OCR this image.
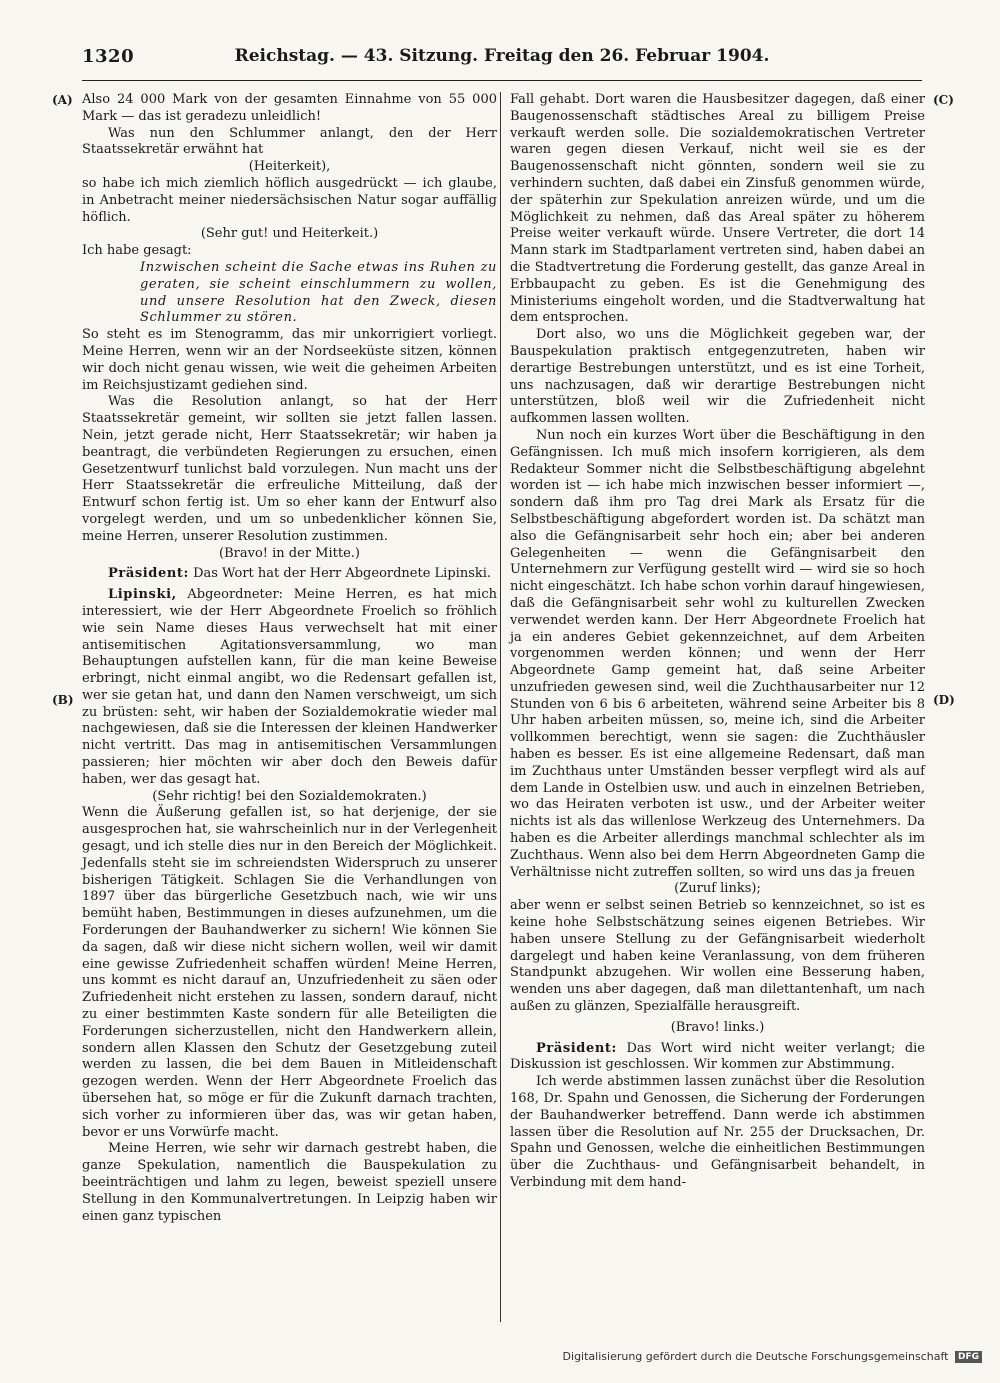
1320	Reichstag. — 43. Sitzung. Freitag den 26. Februar 1904.
(A)
(B)
(C)
(D)

Also 24 000 Mark von der gesamten Einnahme von 55 000 Mark — das ist geradezu unleidlich!

Was nun den Schlummer anlangt, den der Herr Staatssekretär erwähnt hat

(Heiterkeit),

so habe ich mich ziemlich höflich ausgedrückt — ich glaube, in Anbetracht meiner niedersächsischen Natur sogar auffällig höflich.

(Sehr gut! und Heiterkeit.)

Ich habe gesagt:

Inzwischen scheint die Sache etwas ins Ruhen zu geraten, sie scheint einschlummern zu wollen, und unsere Resolution hat den Zweck, diesen Schlummer zu stören.

So steht es im Stenogramm, das mir unkorrigiert vorliegt. Meine Herren, wenn wir an der Nordseeküste sitzen, können wir doch nicht genau wissen, wie weit die geheimen Arbeiten im Reichsjustizamt gediehen sind.

Was die Resolution anlangt, so hat der Herr Staatssekretär gemeint, wir sollten sie jetzt fallen lassen. Nein, jetzt gerade nicht, Herr Staatssekretär; wir haben ja beantragt, die verbündeten Regierungen zu ersuchen, einen Gesetzentwurf tunlichst bald vorzulegen. Nun macht uns der Herr Staatssekretär die erfreuliche Mitteilung, daß der Entwurf schon fertig ist. Um so eher kann der Entwurf also vorgelegt werden, und um so unbedenklicher können Sie, meine Herren, unserer Resolution zustimmen.

(Bravo! in der Mitte.)

Präsident: Das Wort hat der Herr Abgeordnete Lipinski.

Lipinski, Abgeordneter: Meine Herren, es hat mich interessiert, wie der Herr Abgeordnete Froelich so fröhlich wie sein Name dieses Haus verwechselt hat mit einer antisemitischen Agitationsversammlung, wo man Behauptungen aufstellen kann, für die man keine Beweise erbringt, nicht einmal angibt, wo die Redensart gefallen ist, wer sie getan hat, und dann den Namen verschweigt, um sich zu brüsten: seht, wir haben der Sozialdemokratie wieder mal nachgewiesen, daß sie die Interessen der kleinen Handwerker nicht vertritt. Das mag in antisemitischen Versammlungen passieren; hier möchten wir aber doch den Beweis dafür haben, wer das gesagt hat.

(Sehr richtig! bei den Sozialdemokraten.)

Wenn die Äußerung gefallen ist, so hat derjenige, der sie ausgesprochen hat, sie wahrscheinlich nur in der Verlegenheit gesagt, und ich stelle dies nur in den Bereich der Möglichkeit. Jedenfalls steht sie im schreiendsten Widerspruch zu unserer bisherigen Tätigkeit. Schlagen Sie die Verhandlungen von 1897 über das bürgerliche Gesetzbuch nach, wie wir uns bemüht haben, Bestimmungen in dieses aufzunehmen, um die Forderungen der Bauhandwerker zu sichern! Wie können Sie da sagen, daß wir diese nicht sichern wollen, weil wir damit eine gewisse Zufriedenheit schaffen würden! Meine Herren, uns kommt es nicht darauf an, Unzufriedenheit zu säen oder Zufriedenheit nicht erstehen zu lassen, sondern darauf, nicht zu einer bestimmten Kaste sondern für alle Beteiligten die Forderungen sicherzustellen, nicht den Handwerkern allein, sondern allen Klassen den Schutz der Gesetzgebung zuteil werden zu lassen, die bei dem Bauen in Mitleidenschaft gezogen werden. Wenn der Herr Abgeordnete Froelich das übersehen hat, so möge er für die Zukunft darnach trachten, sich vorher zu informieren über das, was wir getan haben, bevor er uns Vorwürfe macht.

Meine Herren, wie sehr wir darnach gestrebt haben, die ganze Spekulation, namentlich die Bauspekulation zu beeinträchtigen und lahm zu legen, beweist speziell unsere Stellung in den Kommunalvertretungen. In Leipzig haben wir einen ganz typischen

Fall gehabt. Dort waren die Hausbesitzer dagegen, daß einer Baugenossenschaft städtisches Areal zu billigem Preise verkauft werden solle. Die sozialdemokratischen Vertreter waren gegen diesen Verkauf, nicht weil sie es der Baugenossenschaft nicht gönnten, sondern weil sie zu verhindern suchten, daß dabei ein Zinsfuß genommen würde, der späterhin zur Spekulation anreizen würde, und um die Möglichkeit zu nehmen, daß das Areal später zu höherem Preise weiter verkauft würde. Unsere Vertreter, die dort 14 Mann stark im Stadtparlament vertreten sind, haben dabei an die Stadtvertretung die Forderung gestellt, das ganze Areal in Erbbaupacht zu geben. Es ist die Genehmigung des Ministeriums eingeholt worden, und die Stadtverwaltung hat dem entsprochen.

Dort also, wo uns die Möglichkeit gegeben war, der Bauspekulation praktisch entgegenzutreten, haben wir derartige Bestrebungen unterstützt, und es ist eine Torheit, uns nachzusagen, daß wir derartige Bestrebungen nicht unterstützen, bloß weil wir die Zufriedenheit nicht aufkommen lassen wollten.

Nun noch ein kurzes Wort über die Beschäftigung in den Gefängnissen. Ich muß mich insofern korrigieren, als dem Redakteur Sommer nicht die Selbstbeschäftigung abgelehnt worden ist — ich habe mich inzwischen besser informiert —, sondern daß ihm pro Tag drei Mark als Ersatz für die Selbstbeschäftigung abgefordert worden ist. Da schätzt man also die Gefängnisarbeit sehr hoch ein; aber bei anderen Gelegenheiten — wenn die Gefängnisarbeit den Unternehmern zur Verfügung gestellt wird — wird sie so hoch nicht eingeschätzt. Ich habe schon vorhin darauf hingewiesen, daß die Gefängnisarbeit sehr wohl zu kulturellen Zwecken verwendet werden kann. Der Herr Abgeordnete Froelich hat ja ein anderes Gebiet gekennzeichnet, auf dem Arbeiten vorgenommen werden können; und wenn der Herr Abgeordnete Gamp gemeint hat, daß seine Arbeiter unzufrieden gewesen sind, weil die Zuchthausarbeiter nur 12 Stunden von 6 bis 6 arbeiteten, während seine Arbeiter bis 8 Uhr haben arbeiten müssen, so, meine ich, sind die Arbeiter vollkommen berechtigt, wenn sie sagen: die Zuchthäusler haben es besser. Es ist eine allgemeine Redensart, daß man im Zuchthaus unter Umständen besser verpflegt wird als auf dem Lande in Ostelbien usw. und auch in einzelnen Betrieben, wo das Heiraten verboten ist usw., und der Arbeiter weiter nichts ist als das willenlose Werkzeug des Unternehmers. Da haben es die Arbeiter allerdings manchmal schlechter als im Zuchthaus. Wenn also bei dem Herrn Abgeordneten Gamp die Verhältnisse nicht zutreffen sollten, so wird uns das ja freuen

(Zuruf links);

aber wenn er selbst seinen Betrieb so kennzeichnet, so ist es keine hohe Selbstschätzung seines eigenen Betriebes. Wir haben unsere Stellung zu der Gefängnisarbeit wiederholt dargelegt und haben keine Veranlassung, von dem früheren Standpunkt abzugehen. Wir wollen eine Besserung haben, wenden uns aber dagegen, daß man dilettantenhaft, um nach außen zu glänzen, Spezialfälle herausgreift.

(Bravo! links.)

Präsident: Das Wort wird nicht weiter verlangt; die Diskussion ist geschlossen. Wir kommen zur Abstimmung.

Ich werde abstimmen lassen zunächst über die Resolution 168, Dr. Spahn und Genossen, die Sicherung der Forderungen der Bauhandwerker betreffend. Dann werde ich abstimmen lassen über die Resolution auf Nr. 255 der Drucksachen, Dr. Spahn und Genossen, welche die einheitlichen Bestimmungen über die Zuchthaus- und Gefängnisarbeit behandelt, in Verbindung mit dem hand-

Digitalisierung gefördert durch die Deutsche Forschungsgemeinschaft DFG
